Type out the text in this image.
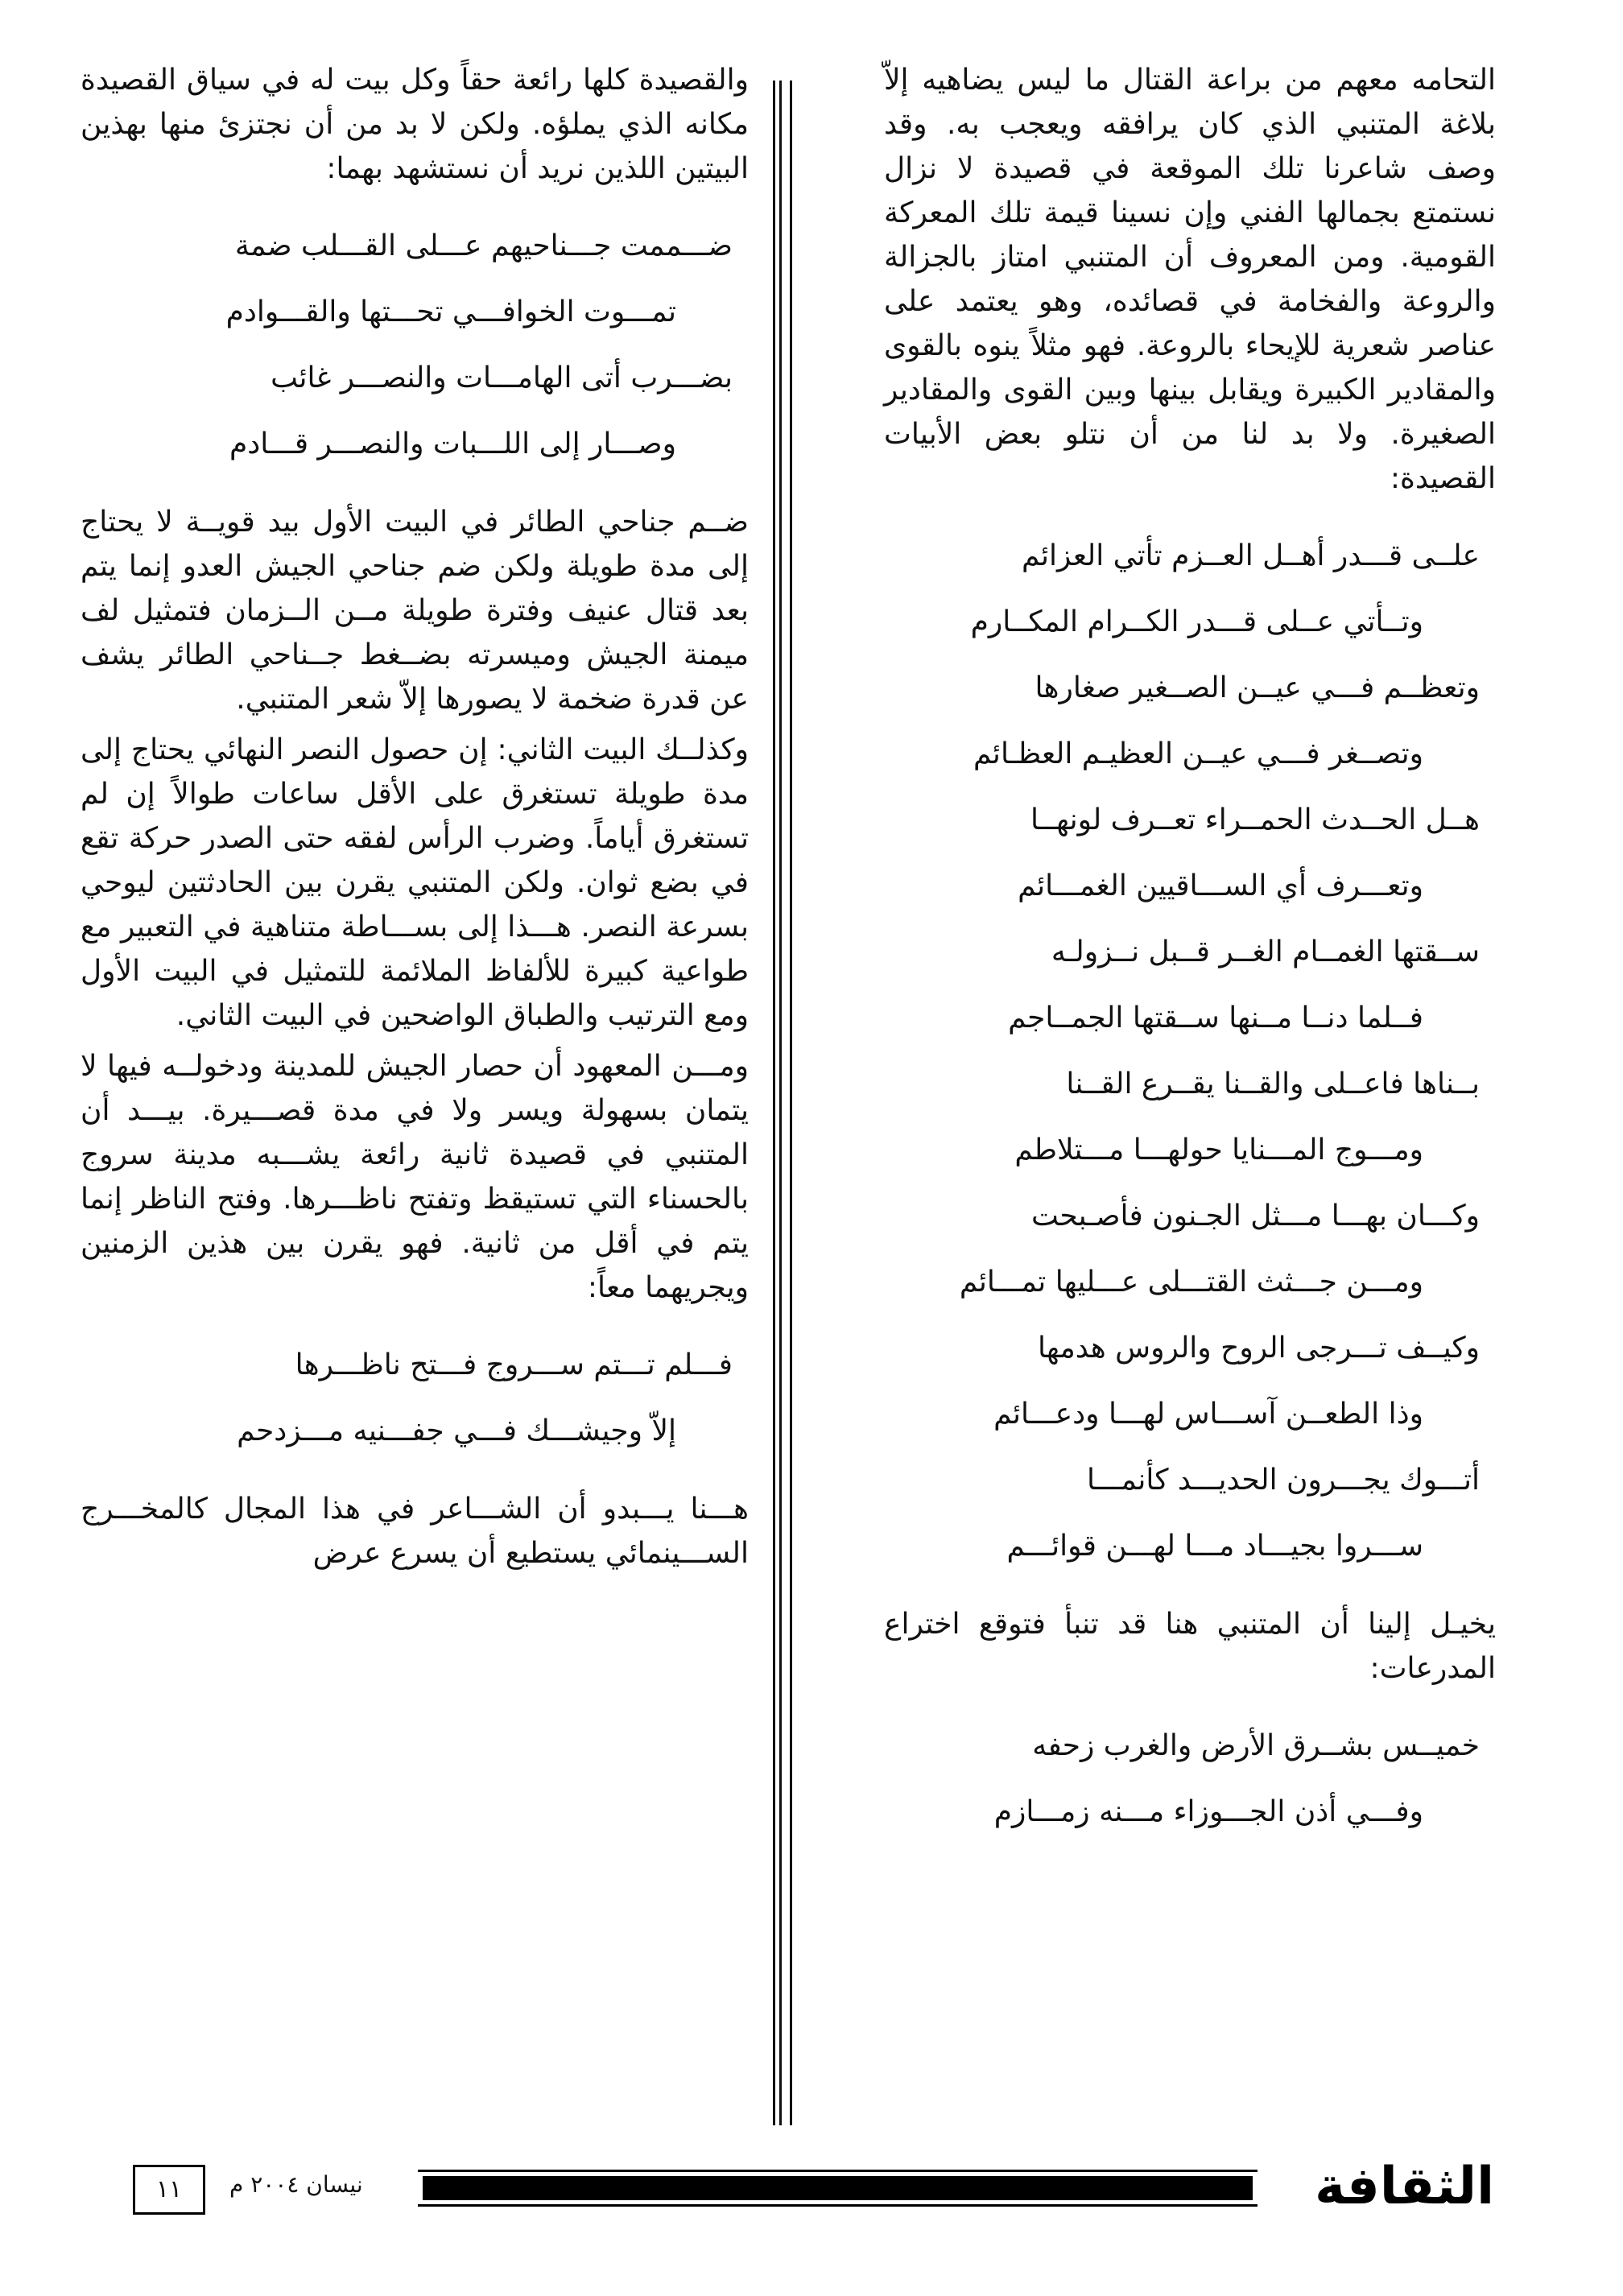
التحامه معهم من براعة القتال ما ليس يضاهيه إلاّ بلاغة المتنبي الذي كان يرافقه ويعجب به. وقد وصف شاعرنا تلك الموقعة في قصيدة لا نزال نستمتع بجمالها الفني وإن نسينا قيمة تلك المعركة القومية. ومن المعروف أن المتنبي امتاز بالجزالة والروعة والفخامة في قصائده، وهو يعتمد على عناصر شعرية للإيحاء بالروعة. فهو مثلاً ينوه بالقوى والمقادير الكبيرة ويقابل بينها وبين القوى والمقادير الصغيرة. ولا بد لنا من أن نتلو بعض الأبيات القصيدة:

علــى قـــدر أهــل العــزم تأتي العزائم
وتــأتي عــلى قـــدر الكــرام المكــارم
وتعظــم فـــي عيــن الصــغير صغارها
وتصــغر فـــي عيــن العظيـم العظـائم
هــل الحــدث الحمــراء تعــرف لونهــا
وتعـــرف أي الســـاقيين الغمـــائم
ســقتها الغمــام الغــر قــبل نــزولـه
فــلما دنــا مــنها ســقتها الجمــاجم
بــناها فاعــلى والقــنا يقــرع القــنا
ومـــوج المـــنايا حولهـــا مـــتلاطم
وكـــان بهـــا مـــثل الجـنون فأصـبحت
ومـــن جـــثث القتـــلى عـــليها تمـــائم
وكيــف تـــرجى الروح والروس هدمها
وذا الطعــن آســـاس لهـــا ودعـــائم
أتـــوك يجـــرون الحديـــد كأنمـــا
ســـروا بجيـــاد مـــا لهـــن قوائـــم

يخيـل إلينا أن المتنبي هنا قد تنبأ فتوقع اختراع المدرعات:

خميــس بشــرق الأرض والغرب زحفه
وفـــي أذن الجـــوزاء مـــنه زمـــازم

والقصيدة كلها رائعة حقاً وكل بيت له في سياق القصيدة مكانه الذي يملؤه. ولكن لا بد من أن نجتزئ منها بهذين البيتين اللذين نريد أن نستشهد بهما:

ضـــممت جـــناحيهم عـــلى القـــلب ضمة
تمـــوت الخوافـــي تحـــتها والقـــوادم
بضـــرب أتى الهامـــات والنصـــر غائب
وصـــار إلى اللـــبات والنصـــر قـــادم

ضــم جناحي الطائر في البيت الأول بيد قويــة لا يحتاج إلى مدة طويلة ولكن ضم جناحي الجيش العدو إنما يتم بعد قتال عنيف وفترة طويلة مــن الــزمان فتمثيل لف ميمنة الجيش وميسرته بضــغط جــناحي الطائر يشف عن قدرة ضخمة لا يصورها إلاّ شعر المتنبي.

وكذلــك البيت الثاني: إن حصول النصر النهائي يحتاج إلى مدة طويلة تستغرق على الأقل ساعات طوالاً إن لم تستغرق أياماً. وضرب الرأس لفقه حتى الصدر حركة تقع في بضع ثوان. ولكن المتنبي يقرن بين الحادثتين ليوحي بسرعة النصر. هـــذا إلى بســـاطة متناهية في التعبير مع طواعية كبيرة للألفاظ الملائمة للتمثيل في البيت الأول ومع الترتيب والطباق الواضحين في البيت الثاني.

ومـــن المعهود أن حصار الجيش للمدينة ودخولــه فيها لا يتمان بسهولة ويسر ولا في مدة قصـــيرة. بيـــد أن المتنبي في قصيدة ثانية رائعة يشـــبه مدينة سروج بالحسناء التي تستيقظ وتفتح ناظـــرها. وفتح الناظر إنما يتم في أقل من ثانية. فهو يقرن بين هذين الزمنين ويجريهما معاً:

فـــلم تـــتم ســـروج فـــتح ناظـــرها
إلاّ وجيشـــك فـــي جفـــنيه مـــزدحم

هـــنا يـــبدو أن الشـــاعر في هذا المجال كالمخـــرج الســـينمائي يستطيع أن يسرع عرض

الثقافة
نيسان ٢٠٠٤ م
١١
